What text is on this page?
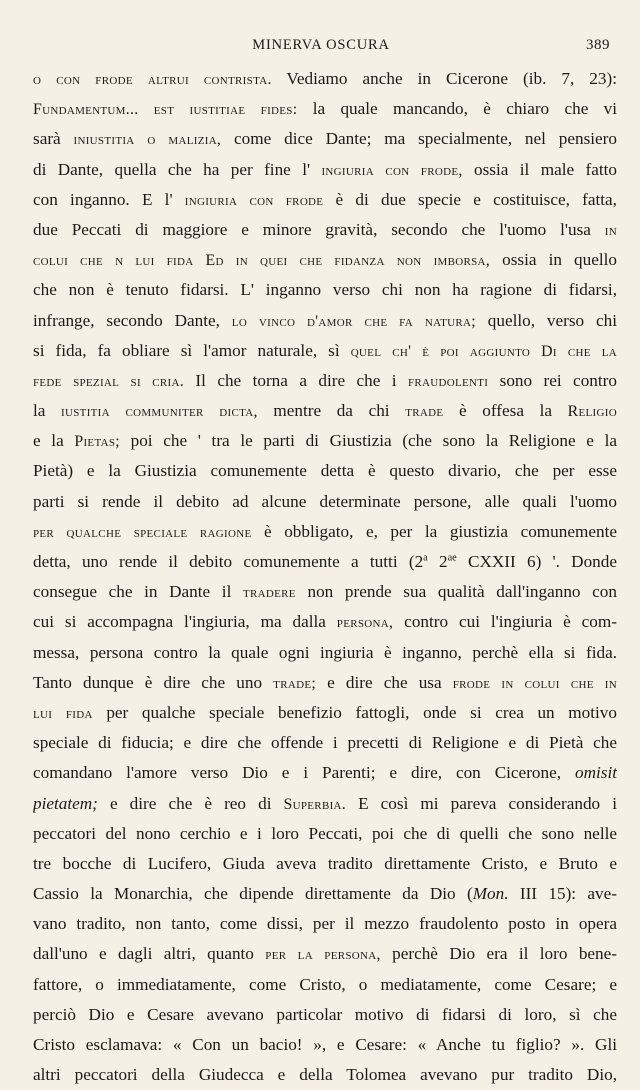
MINERVA OSCURA	389
o con frode altrui contrista. Vediamo anche in Cicerone (ib. 7, 23):
Fundamentum... est iustitiae fides: la quale mancando, è chiaro che vi
sarà iniustitia o malizia, come dice Dante; ma specialmente, nel pensiero
di Dante, quella che ha per fine l' ingiuria con frode, ossia il male fatto
con inganno. E l' ingiuria con frode è di due specie e costituisce, fatta,
due Peccati di maggiore e minore gravità, secondo che l'uomo l'usa in
colui che n lui fida Ed in quei che fidanza non imborsa, ossia in quello
che non è tenuto fidarsi. L' inganno verso chi non ha ragione di fidarsi,
infrange, secondo Dante, lo vinco d'amor che fa natura; quello, verso chi
si fida, fa obliare sì l'amor naturale, sì quel ch' è poi aggiunto Di che la
fede spezial si cria. Il che torna a dire che i fraudolenti sono rei contro
la iustitia communiter dicta, mentre da chi trade è offesa la Religio
e la Pietas; poi che ' tra le parti di Giustizia (che sono la Religione e la
Pietà) e la Giustizia comunemente detta è questo divario, che per esse
parti si rende il debito ad alcune determinate persone, alle quali l'uomo
per qualche speciale ragione è obbligato, e, per la giustizia comunemente
detta, uno rende il debito comunemente a tutti (2$^a$ $2^{ae}$ CXXII 6) '. Donde
consegue che in Dante il tradere non prende sua qualità dall'inganno con
cui si accompagna l'ingiuria, ma dalla persona, contro cui l'ingiuria è com-
messa, persona contro la quale ogni ingiuria è inganno, perchè ella si fida.
Tanto dunque è dire che uno trade; e dire che usa frode in colui che in
lui fida per qualche speciale benefizio fattogli, onde si crea un motivo
speciale di fiducia; e dire che offende i precetti di Religione e di Pietà che
comandano l'amore verso Dio e i Parenti; e dire, con Cicerone, omisit
pietatem; e dire che è reo di Superbia. E così mi pareva considerando i
peccatori del nono cerchio e i loro Peccati, poi che di quelli che sono nelle
tre bocche di Lucifero, Giuda aveva tradito direttamente Cristo, e Bruto e
Cassio la Monarchia, che dipende direttamente da Dio (Mon. III 15): ave-
vano tradito, non tanto, come dissi, per il mezzo fraudolento posto in opera
dall'uno e dagli altri, quanto per la persona, perchè Dio era il loro bene-
fattore, o immediatamente, come Cristo, o mediatamente, come Cesare; e
perciò Dio e Cesare avevano particolar motivo di fidarsi di loro, sì che
Cristo esclamava: « Con un bacio! », e Cesare: « Anche tu figlio? ». Gli
altri peccatori della Giudecca e della Tolomea avevano pur tradito Dio,
